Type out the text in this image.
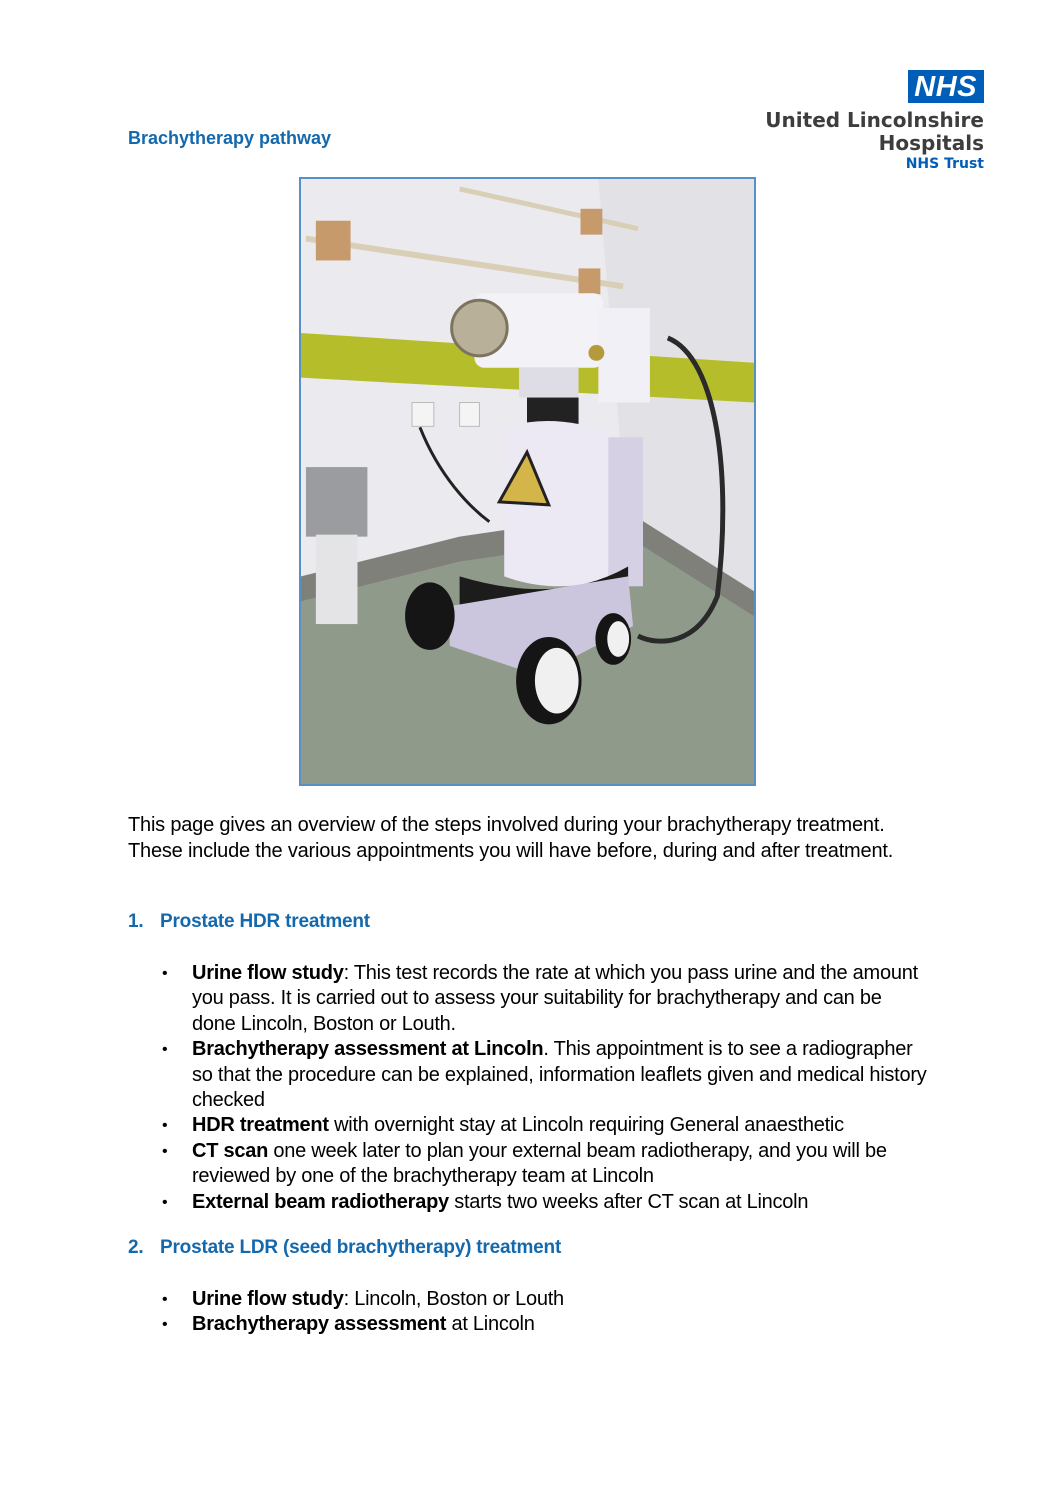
NHS
United Lincolnshire
Hospitals
NHS Trust
Brachytherapy pathway

This page gives an overview of the steps involved during your brachytherapy treatment. These include the various appointments you will have before, during and after treatment.

1. Prostate HDR treatment
• Urine flow study: This test records the rate at which you pass urine and the amount you pass. It is carried out to assess your suitability for brachytherapy and can be done Lincoln, Boston or Louth.
• Brachytherapy assessment at Lincoln. This appointment is to see a radiographer so that the procedure can be explained, information leaflets given and medical history checked
• HDR treatment with overnight stay at Lincoln requiring General anaesthetic
• CT scan one week later to plan your external beam radiotherapy, and you will be reviewed by one of the brachytherapy team at Lincoln
• External beam radiotherapy starts two weeks after CT scan at Lincoln
2. Prostate LDR (seed brachytherapy) treatment
• Urine flow study: Lincoln, Boston or Louth
• Brachytherapy assessment at Lincoln
